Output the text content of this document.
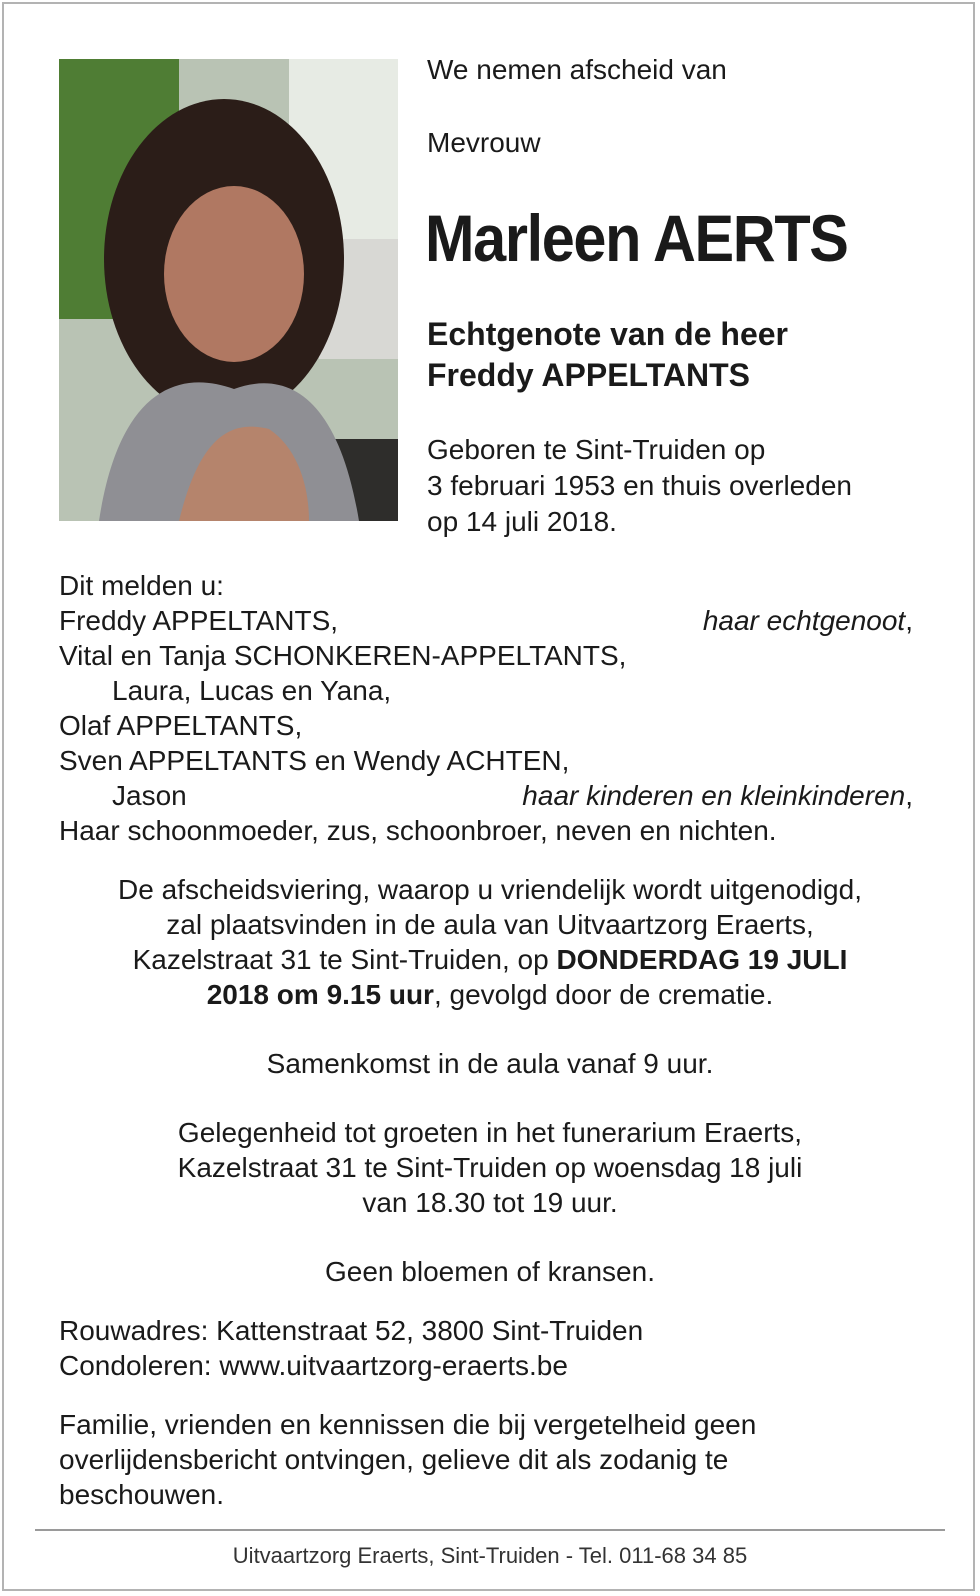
We nemen afscheid van
Mevrouw
Marleen AERTS
Echtgenote van de heer
Freddy APPELTANTS
Geboren te Sint-Truiden op
3 februari 1953 en thuis overleden
op 14 juli 2018.
Dit melden u:
Freddy APPELTANTS,	haar echtgenoot,
Vital en Tanja SCHONKEREN-APPELTANTS,
Laura, Lucas en Yana,
Olaf APPELTANTS,
Sven APPELTANTS en Wendy ACHTEN,
Jason	haar kinderen en kleinkinderen,
Haar schoonmoeder, zus, schoonbroer, neven en nichten.
De afscheidsviering, waarop u vriendelijk wordt uitgenodigd,
zal plaatsvinden in de aula van Uitvaartzorg Eraerts,
Kazelstraat 31 te Sint-Truiden, op DONDERDAG 19 JULI
2018 om 9.15 uur, gevolgd door de crematie.
Samenkomst in de aula vanaf 9 uur.
Gelegenheid tot groeten in het funerarium Eraerts,
Kazelstraat 31 te Sint-Truiden op woensdag 18 juli
van 18.30 tot 19 uur.
Geen bloemen of kransen.
Rouwadres: Kattenstraat 52, 3800 Sint-Truiden
Condoleren: www.uitvaartzorg-eraerts.be
Familie, vrienden en kennissen die bij vergetelheid geen
overlijdensbericht ontvingen, gelieve dit als zodanig te
beschouwen.
Uitvaartzorg Eraerts, Sint-Truiden - Tel. 011-68 34 85
